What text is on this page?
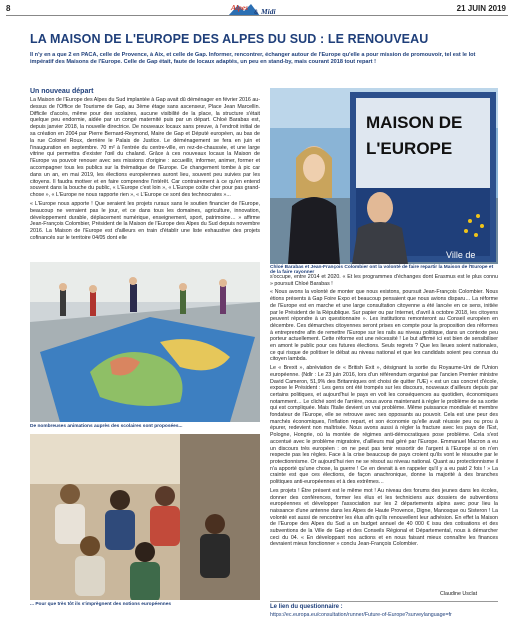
8	Alpes Midi
&	21 JUIN 2019
LA MAISON DE L'EUROPE DES ALPES DU SUD : LE RENOUVEAU

Il n'y en a que 2 en PACA, celle de Provence, à Aix, et celle de Gap. Informer, rencontrer, échanger autour de l'Europe qu'elle a pour mission de promouvoir, tel est le lot impératif des Maisons de l'Europe. Celle de Gap était, faute de locaux adaptés, un peu en stand-by, mais courant 2018 tout repart !

Un nouveau départ

La Maison de l'Europe des Alpes du Sud implantée à Gap avait dû déménager en février 2016 au-dessus de l'Office de Tourisme de Gap, au 3ème étage sans ascenseur, Place Jean Marcellin. Difficile d'accès, même pour des scolaires, aucune visibilité de la place, la structure s'était quelque peu endormie, aidée par un congé maternité puis par un départ. Chloé Barabas est, depuis janvier 2018, la nouvelle directrice. De nouveaux locaux sans preuve, à l'endroit initial de sa création en 2004 par Pierre Bernard-Reymond, Maire de Gap et Député européen, au bas de la rue Colonel Roux, derrière le Palais de Justice. Le déménagement se fera en juin et l'inauguration en septembre. 70 m² à l'entrée du centre-ville, en rez-de-chaussée, et une large vitrine qui permettra d'exister l'œil du chaland. Grâce à ces nouveaux locaux la Maison de l'Europe va pouvoir renouer avec ses missions d'origine : accueillir, informer, animer, former et accompagner tous les publics sur la thématique de l'Europe. Ce changement tombe à pic car dans un an, en mai 2019, les élections européennes auront lieu, souvent peu suivies par les citoyens. Il faudra motiver et en faire comprendre l'intérêt. Car contrairement à ce qu'en entend souvent dans la bouche du public, « L'Europe c'est loin », « L'Europe coûte cher pour pas grand-chose », « L'Europe ne nous rapporte rien », « L'Europe ce sont des technocrates »...

« L'Europe nous apporte ! Que seraient les projets ruraux sans le soutien financier de l'Europe, beaucoup ne verraient pas le jour, et ce dans tous les domaines, agriculture, innovation, développement durable, déplacement numérique, enseignement, sport, patrimoine… » affirme Jean-François Colombier, Président de la Maison de l'Europe des Alpes du Sud depuis novembre 2016. La Maison de l'Europe est d'ailleurs en train d'établir une liste exhaustive des projets cofinancés sur le territoire 04/05 dont elle

MAISON DE
L'EUROPE
Ville de
Chloé Barabas et Jean-François Colombier ont la volonté de faire repartir la Maison de l'Europe et de la faire rayonner
De nombreuses animations auprès des scolaires sont proposées...
... Pour que très tôt ils s'imprègnent des notions européennes

s'occupe, entre 2014 et 2020. « Et les programmes d'échanges dont Erasmus est le plus connu » poursuit Chloé Barabas !

« Nous avons la volonté de monter que nous existons, poursuit Jean-François Colombier. Nous étions présents à Gap Foire Expo et beaucoup pensaient que nous avions disparu… La réforme de l'Europe est en marche et une large consultation citoyenne a été lancée en ce sens, initiée par le Président de la République. Sur papier ou par Internet, d'avril à octobre 2018, les citoyens peuvent répondre à un questionnaire ». Les institutions remonteront au Conseil européen en décembre. Ces démarches citoyennes seront prises en compte pour la proposition des réformes à entreprendre afin de remettre l'Europe sur les rails au niveau politique, dans un contexte peu porteur actuellement. Cette réforme est une nécessité ! Le but affirmé ici est bien de sensibiliser en amont le public pour ces futures élections. Seuls regrets ? Que les lieues soient nationales, ce qui risque de politiser le débat au niveau national et que les candidats soient peu connus du citoyen lambda.

Le « Brexit », abréviation de « British Exit », désignant la sortie du Royaume-Uni de l'Union européenne. (Ndlr : Le 23 juin 2016, lors d'un référendum organisé par l'ancien Premier ministre David Cameron, 51,9% des Britanniques ont choisi de quitter l'UE) « est un cas concret d'école, expose le Président : Les gens ont été trompés sur les discours, nouveaux d'ailleurs depuis par certains politiques, et aujourd'hui le pays en voit les conséquences au quotidien, économiques notamment… Le cliché sont de l'arrière, nous avons maintenant à régler le problème de sa sortie qui est compliquée. Mais l'Italie devient un vrai problème. Même puissance mondiale et membre fondateur de l'Europe, elle se retrouve avec ses opposants au pouvoir. Cela est une peur des marchés économiques, l'inflation repart, et son économie qu'elle avait réussie peu ou prou à épurer, redevient non maîtrisée. Nous avons aussi à régler la fracture avec les pays de l'Est, Pologne, Hongrie, où la montée de régimes anti-démocratiques pose problème. Cela s'est accentué avec le problème migratoire, d'ailleurs mal géré par l'Europe. Emmanuel Macron a eu un discours très européen : on ne peut pas tenir ressortir de l'argent à l'Europe si on n'en respecte pas les règles. Face à la crise beaucoup de pays croient qu'ils vont le résoudre par le protectionnisme. Or aujourd'hui rien ne se résout au niveau national. Quant au protectionnisme il n'a apporté qu'une chose, la guerre ! Ce en devrait à en rappeler qu'il y a eu paid 2 fois ! » La crainte est que ces élections, de façon anachronique, donne la majorité à des branches politiques anti-européennes et à des extrêmes…

Les projets ! Être présent est le même mot ! Au niveau des forums des jeunes dans les écoles, donner des conférences, former les élus et les techniciens aux dossiers de subventions européennes et développer l'association sur les 2 départements alpins avec pour lieu la naissance d'une antenne dans les Alpes de Haute Provence, Digne, Manosque ou Sisteron ! La volonté est aussi de rencontrer les élus afin qu'ils renouvellent leur adhésion. En effet la Maison de l'Europe des Alpes du Sud a un budget annuel de 40 000 € issu des cotisations et des subventions de la Ville de Gap et des Conseils Régional et Départemental, nous à démarcher ceci du 04. « En développant nos actions et en nous faisant mieux connaître les finances devraient mieux fonctionner » conclu Jean-François Colombier.

Claudine Usclat
Le lien du questionnaire :
https://ec.europa.eu/consultation/runner/Future-of-Europe?surveylanguage=fr
